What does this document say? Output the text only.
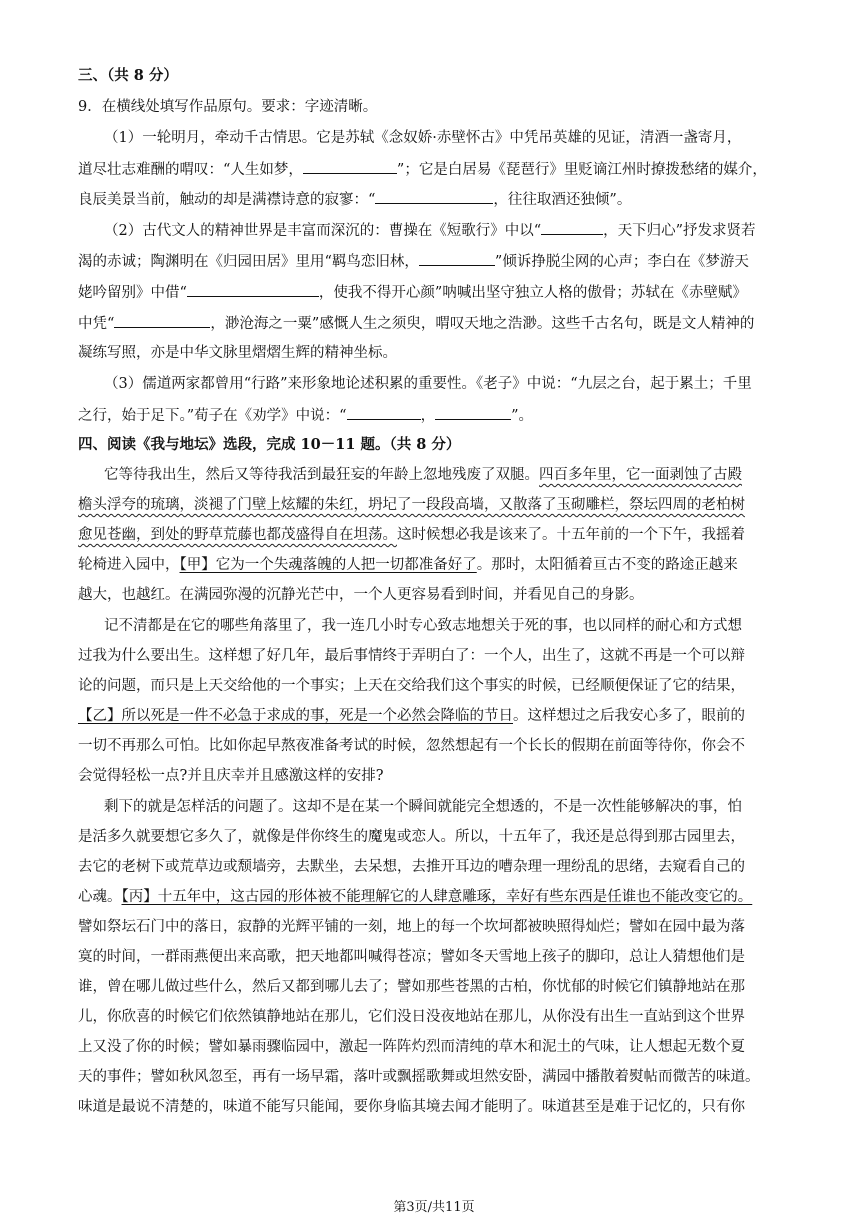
三、（共 8 分）
9．在横线处填写作品原句。要求：字迹清晰。
（1）一轮明月，牵动千古情思。它是苏轼《念奴娇·赤壁怀古》中凭吊英雄的见证，清酒一盏寄月，
道尽壮志难酬的喟叹：“人生如梦，	”；它是白居易《琵琶行》里贬谪江州时撩拨愁绪的媒介，
良辰美景当前，触动的却是满襟诗意的寂寥：“	，往往取酒还独倾”。
（2）古代文人的精神世界是丰富而深沉的：曹操在《短歌行》中以“	，天下归心”抒发求贤若
渴的赤诚；陶渊明在《归园田居》里用“羁鸟恋旧林，	”倾诉挣脱尘网的心声；李白在《梦游天
姥吟留别》中借“	，使我不得开心颜”呐喊出坚守独立人格的傲骨；苏轼在《赤壁赋》
中凭“	，渺沧海之一粟”感慨人生之须臾，喟叹天地之浩渺。这些千古名句，既是文人精神的
凝练写照，亦是中华文脉里熠熠生辉的精神坐标。
（3）儒道两家都曾用“行路”来形象地论述积累的重要性。《老子》中说：“九层之台，起于累土；千里
之行，始于足下。”荀子在《劝学》中说：“	，	”。
四、阅读《我与地坛》选段，完成 10－11 题。（共 8 分）
它等待我出生，然后又等待我活到最狂妄的年龄上忽地残废了双腿。四百多年里，它一面剥蚀了古殿
檐头浮夸的琉璃，淡褪了门壁上炫耀的朱红，坍圮了一段段高墙，又散落了玉砌雕栏，祭坛四周的老柏树
愈见苍幽，到处的野草荒藤也都茂盛得自在坦荡。这时候想必我是该来了。十五年前的一个下午，我摇着
轮椅进入园中，【甲】它为一个失魂落魄的人把一切都准备好了。那时，太阳循着亘古不变的路途正越来
越大，也越红。在满园弥漫的沉静光芒中，一个人更容易看到时间，并看见自己的身影。
记不清都是在它的哪些角落里了，我一连几小时专心致志地想关于死的事，也以同样的耐心和方式想
过我为什么要出生。这样想了好几年，最后事情终于弄明白了：一个人，出生了，这就不再是一个可以辩
论的问题，而只是上天交给他的一个事实；上天在交给我们这个事实的时候，已经顺便保证了它的结果，
【乙】所以死是一件不必急于求成的事，死是一个必然会降临的节日。这样想过之后我安心多了，眼前的
一切不再那么可怕。比如你起早熬夜准备考试的时候，忽然想起有一个长长的假期在前面等待你，你会不
会觉得轻松一点?并且庆幸并且感激这样的安排?
剩下的就是怎样活的问题了。这却不是在某一个瞬间就能完全想透的，不是一次性能够解决的事，怕
是活多久就要想它多久了，就像是伴你终生的魔鬼或恋人。所以，十五年了，我还是总得到那古园里去，
去它的老树下或荒草边或颓墙旁，去默坐，去呆想，去推开耳边的嘈杂理一理纷乱的思绪，去窥看自己的
心魂。【丙】十五年中，这古园的形体被不能理解它的人肆意雕琢，幸好有些东西是任谁也不能改变它的。
譬如祭坛石门中的落日，寂静的光辉平铺的一刻，地上的每一个坎坷都被映照得灿烂；譬如在园中最为落
寞的时间，一群雨燕便出来高歌，把天地都叫喊得苍凉；譬如冬天雪地上孩子的脚印，总让人猜想他们是
谁，曾在哪儿做过些什么，然后又都到哪儿去了；譬如那些苍黑的古柏，你忧郁的时候它们镇静地站在那
儿，你欣喜的时候它们依然镇静地站在那儿，它们没日没夜地站在那儿，从你没有出生一直站到这个世界
上又没了你的时候；譬如暴雨骤临园中，激起一阵阵灼烈而清纯的草木和泥土的气味，让人想起无数个夏
天的事件；譬如秋风忽至，再有一场早霜，落叶或飘摇歌舞或坦然安卧，满园中播散着熨帖而微苦的味道。
味道是最说不清楚的，味道不能写只能闻，要你身临其境去闻才能明了。味道甚至是难于记忆的，只有你
第3页/共11页
